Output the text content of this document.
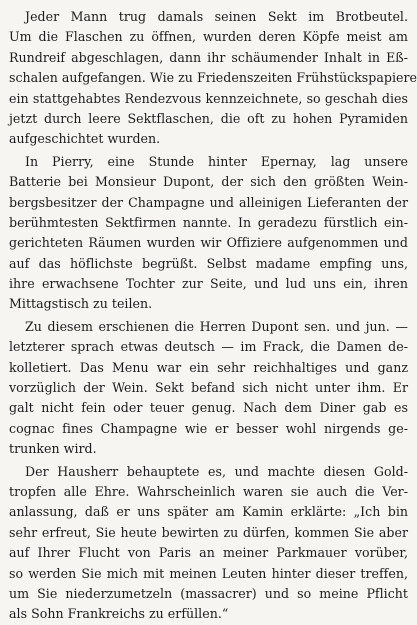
Jeder Mann trug damals seinen Sekt im Brotbeutel.
Um die Flaschen zu öffnen, wurden deren Köpfe meist am
Rundreif abgeschlagen, dann ihr schäumender Inhalt in Eß-
schalen aufgefangen. Wie zu Friedenszeiten Frühstückspapiere
ein stattgehabtes Rendezvous kennzeichnete, so geschah dies
jetzt durch leere Sektflaschen, die oft zu hohen Pyramiden
aufgeschichtet wurden.
In Pierry, eine Stunde hinter Epernay, lag unsere
Batterie bei Monsieur Dupont, der sich den größten Wein-
bergsbesitzer der Champagne und alleinigen Lieferanten der
berühmtesten Sektfirmen nannte. In geradezu fürstlich ein-
gerichteten Räumen wurden wir Offiziere aufgenommen und
auf das höflichste begrüßt. Selbst madame empfing uns,
ihre erwachsene Tochter zur Seite, und lud uns ein, ihren
Mittagstisch zu teilen.
Zu diesem erschienen die Herren Dupont sen. und jun. —
letzterer sprach etwas deutsch — im Frack, die Damen de-
kolletiert. Das Menu war ein sehr reichhaltiges und ganz
vorzüglich der Wein. Sekt befand sich nicht unter ihm. Er
galt nicht fein oder teuer genug. Nach dem Diner gab es
cognac fines Champagne wie er besser wohl nirgends ge-
trunken wird.
Der Hausherr behauptete es, und machte diesen Gold-
tropfen alle Ehre. Wahrscheinlich waren sie auch die Ver-
anlassung, daß er uns später am Kamin erklärte: „Ich bin
sehr erfreut, Sie heute bewirten zu dürfen, kommen Sie aber
auf Ihrer Flucht von Paris an meiner Parkmauer vorüber,
so werden Sie mich mit meinen Leuten hinter dieser treffen,
um Sie niederzumetzeln (massacrer) und so meine Pflicht
als Sohn Frankreichs zu erfüllen.“
